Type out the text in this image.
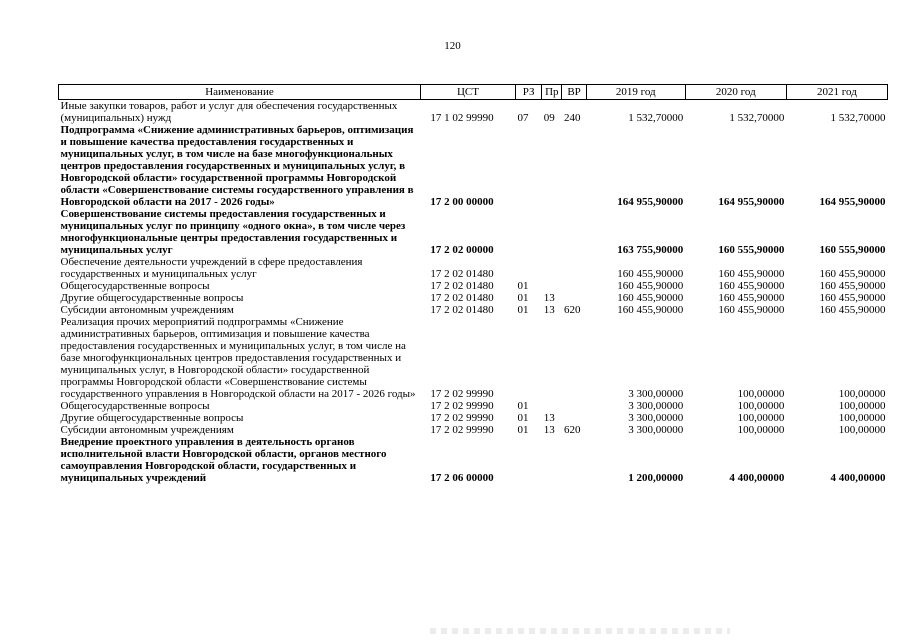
120
Наименование	ЦСТ	РЗ	Пр	ВР	2019 год	2020 год	2021 год
Иные закупки товаров, работ и услуг для обеспечения государственных (муниципальных) нужд	17 1 02 99990	07	09	240	1 532,70000	1 532,70000	1 532,70000
Подпрограмма «Снижение административных барьеров, оптимизация и повышение качества предоставления государственных и муниципальных услуг, в том числе на базе многофункциональных центров предоставления государственных и муниципальных услуг, в Новгородской области» государственной программы Новгородской области «Совершенствование системы государственного управления в Новгородской области на 2017 - 2026 годы»	17 2 00 00000				164 955,90000	164 955,90000	164 955,90000
Совершенствование системы предоставления государственных и муниципальных услуг по принципу «одного окна», в том числе через многофункциональные центры предоставления государственных и муниципальных услуг	17 2 02 00000				163 755,90000	160 555,90000	160 555,90000
Обеспечение деятельности учреждений в сфере предоставления государственных и муниципальных услуг	17 2 02 01480				160 455,90000	160 455,90000	160 455,90000
Общегосударственные вопросы	17 2 02 01480	01			160 455,90000	160 455,90000	160 455,90000
Другие общегосударственные вопросы	17 2 02 01480	01	13		160 455,90000	160 455,90000	160 455,90000
Субсидии автономным учреждениям	17 2 02 01480	01	13	620	160 455,90000	160 455,90000	160 455,90000
Реализация прочих мероприятий подпрограммы «Снижение административных барьеров, оптимизация и повышение качества предоставления государственных и муниципальных услуг, в том числе на базе многофункциональных центров предоставления государственных и муниципальных услуг, в Новгородской области» государственной программы Новгородской области «Совершенствование системы государственного управления в Новгородской области на 2017 - 2026 годы»	17 2 02 99990				3 300,00000	100,00000	100,00000
Общегосударственные вопросы	17 2 02 99990	01			3 300,00000	100,00000	100,00000
Другие общегосударственные вопросы	17 2 02 99990	01	13		3 300,00000	100,00000	100,00000
Субсидии автономным учреждениям	17 2 02 99990	01	13	620	3 300,00000	100,00000	100,00000
Внедрение проектного управления в деятельность органов исполнительной власти Новгородской области, органов местного самоуправления Новгородской области, государственных и муниципальных учреждений	17 2 06 00000				1 200,00000	4 400,00000	4 400,00000
